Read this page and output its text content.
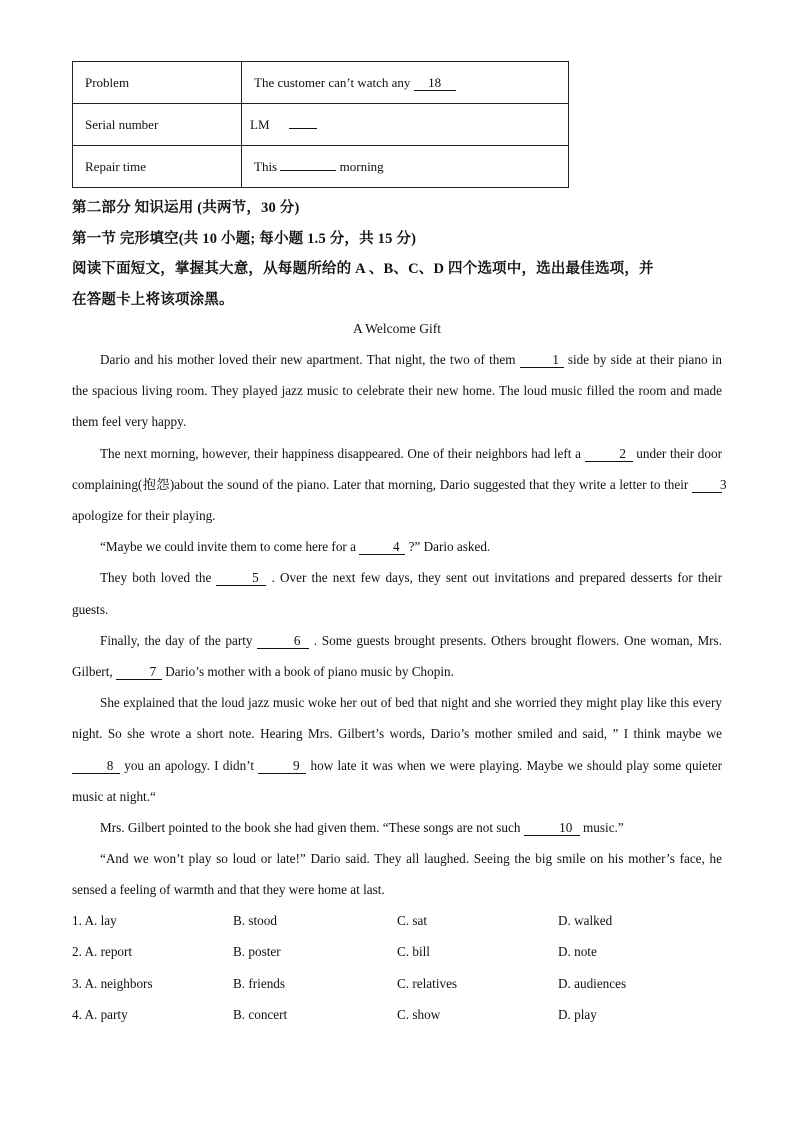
Problem	The customer can’t watch any 18
Serial number	LM
Repair time	This morning
第二部分 知识运用 (共两节，30 分)
第一节 完形填空(共 10 小题; 每小题 1.5 分，共 15 分)
阅读下面短文，掌握其大意，从每题所给的 A 、B、C、D 四个选项中，选出最佳选项，并
在答题卡上将该项涂黑。
A Welcome Gift

Dario and his mother loved their new apartment. That night, the two of them 1 side by side at their piano in the spacious living room. They played jazz music to celebrate their new home. The loud music filled the room and made them feel very happy.

The next morning, however, their happiness disappeared. One of their neighbors had left a	2 under their door complaining(抱怨)about the sound of the piano. Later that morning, Dario suggested that they write a letter to their 3 apologize for their playing.

“Maybe we could invite them to come here for a	4 ?” Dario asked.

They both loved the	5 . Over the next few days, they sent out invitations and prepared desserts for their guests.

Finally, the day of the party	6 . Some guests brought presents. Others brought flowers. One woman, Mrs. Gilbert,	7 Dario’s mother with a book of piano music by Chopin.

She explained that the loud jazz music woke her out of bed that night and she worried they might play like this every night. So she wrote a short note. Hearing Mrs. Gilbert’s words, Dario’s mother smiled and said, ” I think maybe we 8 you an apology. I didn’t	9 how late it was when we were playing. Maybe we should play some quieter music at night.“

Mrs. Gilbert pointed to the book she had given them. “These songs are not such	10 music.”

“And we won’t play so loud or late!” Dario said. They all laughed. Seeing the big smile on his mother’s face, he sensed a feeling of warmth and that they were home at last.

1. A. lay	B. stood	C. sat	D. walked
2. A. report	B. poster	C. bill	D. note
3. A. neighbors	B. friends	C. relatives	D. audiences
4. A. party	B. concert	C. show	D. play
